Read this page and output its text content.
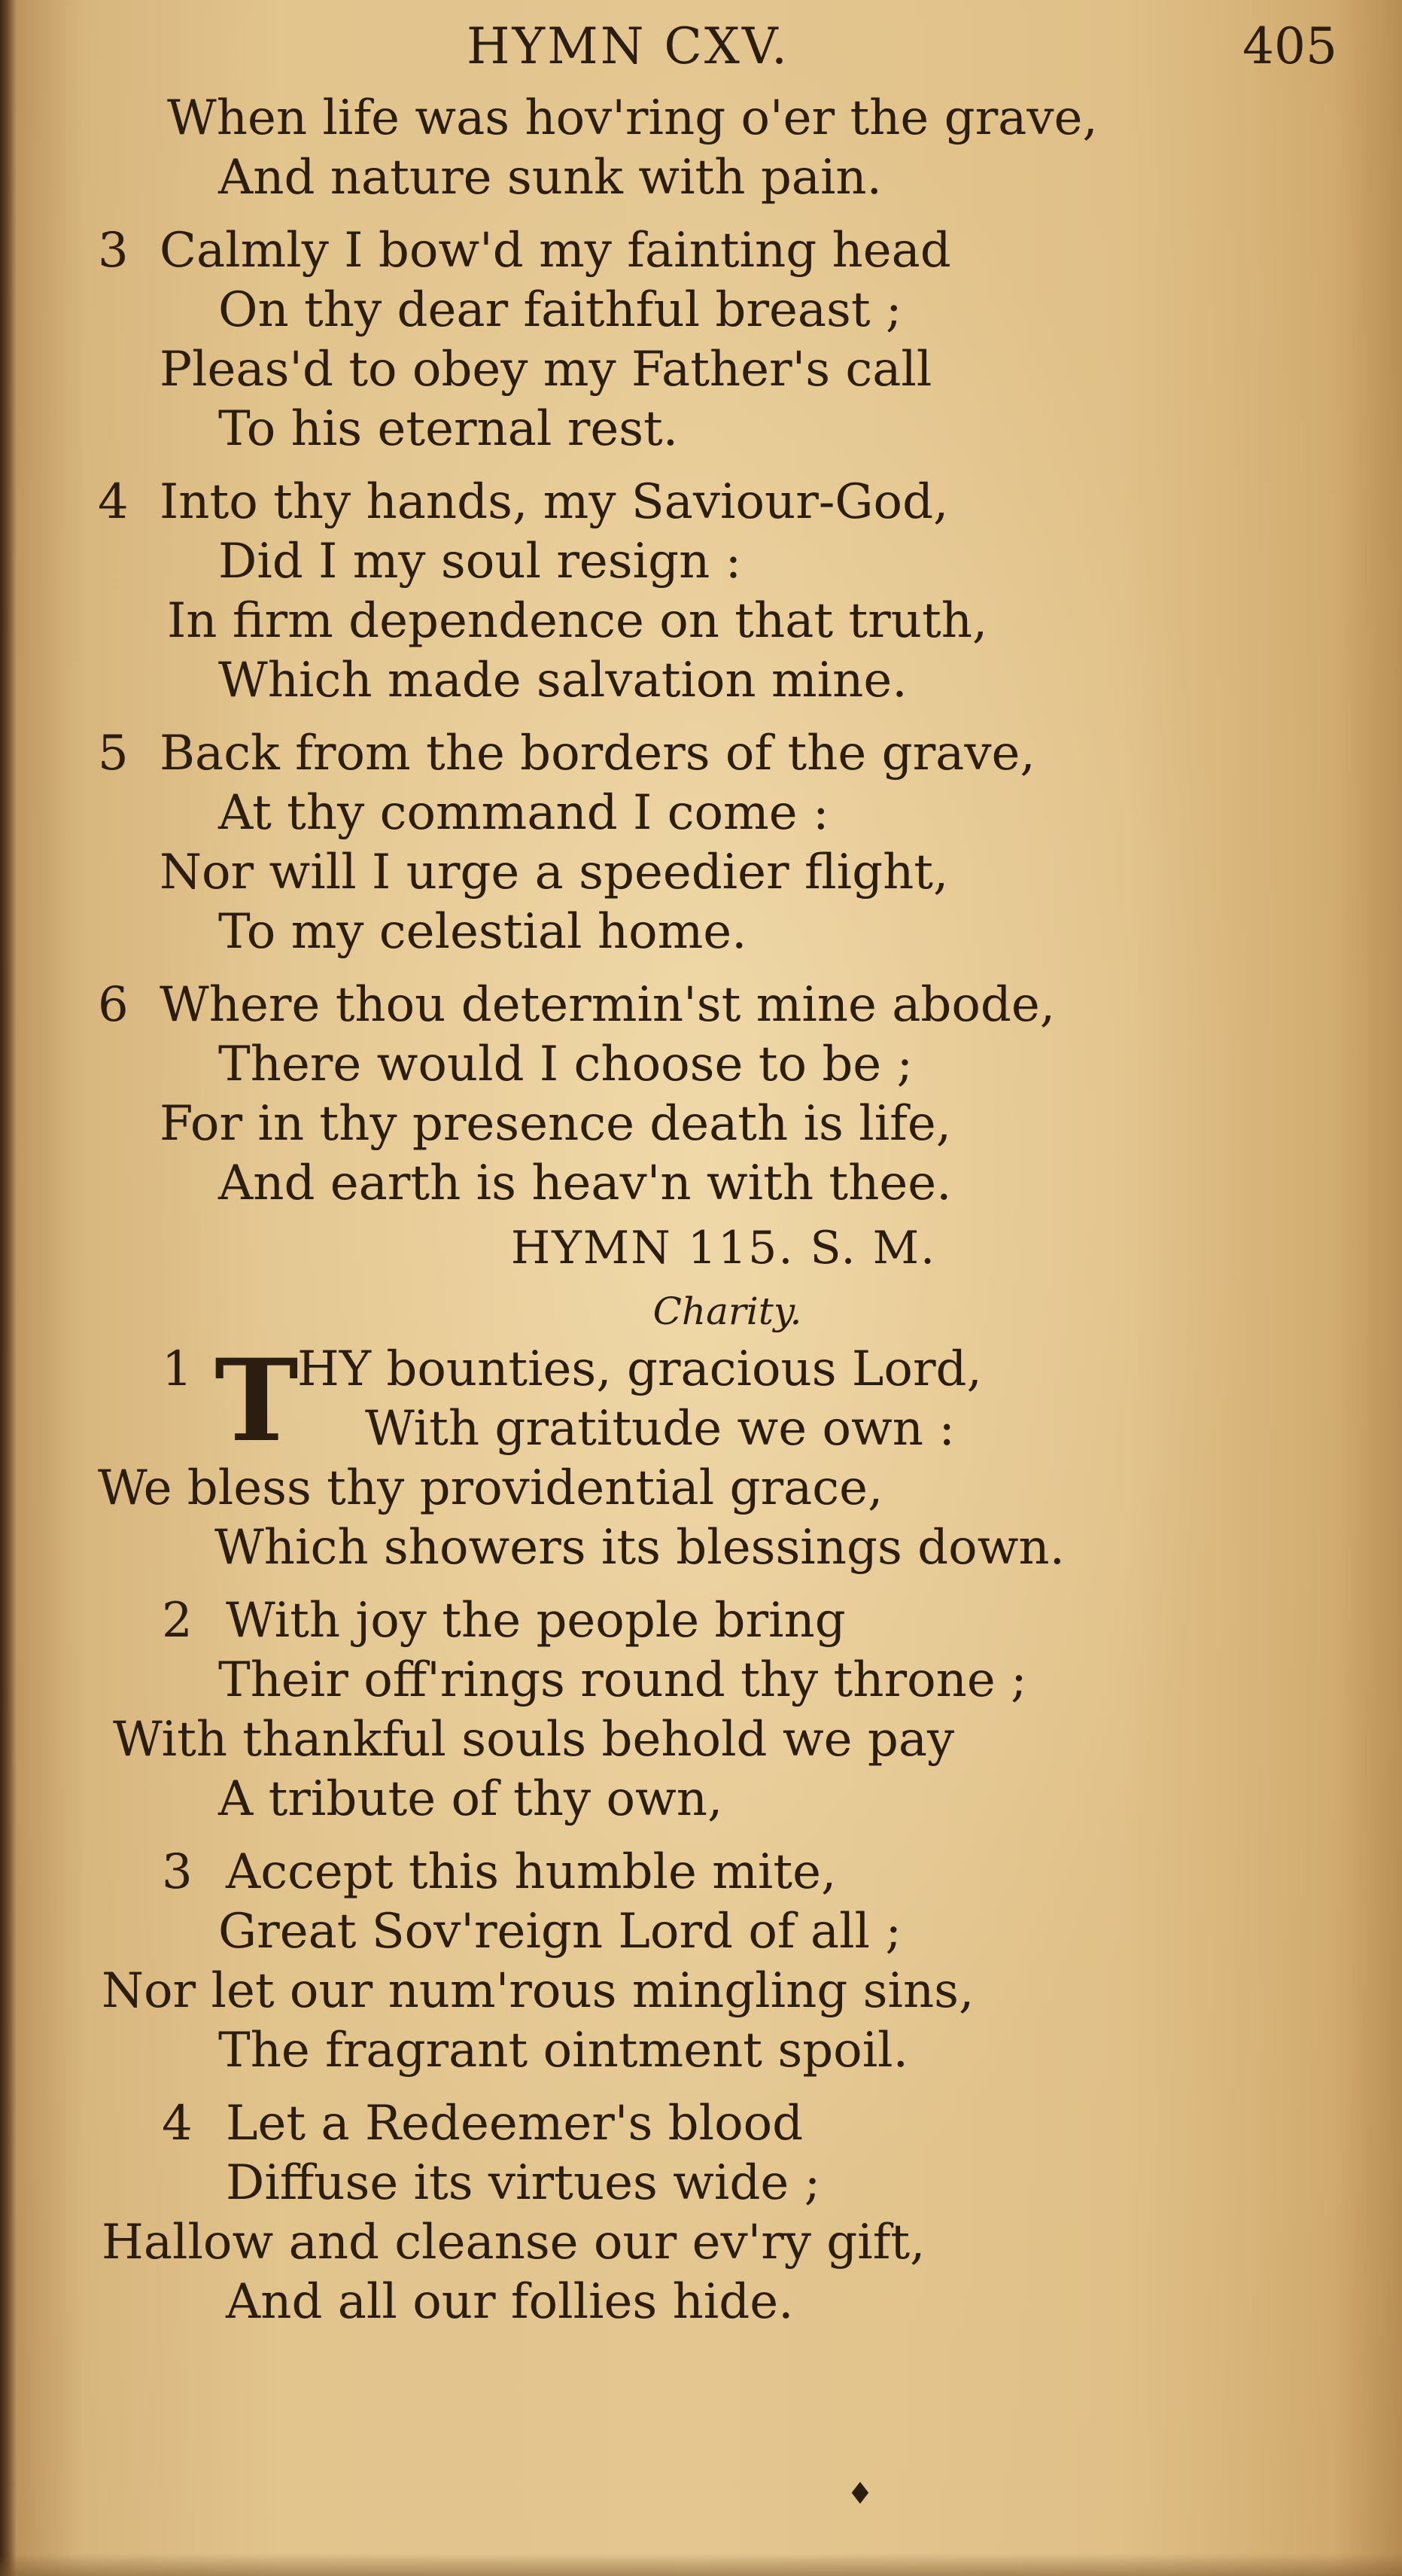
HYMN CXV.	405
When life was hov'ring o'er the grave,
And nature sunk with pain.
3 Calmly I bow'd my fainting head
On thy dear faithful breast ;
Pleas'd to obey my Father's call
To his eternal rest.
4 Into thy hands, my Saviour-God,
Did I my soul resign :
In firm dependence on that truth,
Which made salvation mine.
5 Back from the borders of the grave,
At thy command I come :
Nor will I urge a speedier flight,
To my celestial home.
6 Where thou determin'st mine abode,
There would I choose to be ;
For in thy presence death is life,
And earth is heav'n with thee.
HYMN 115. S. M.
Charity.
T
1 HY bounties, gracious Lord,
With gratitude we own :
We bless thy providential grace,
Which showers its blessings down.
2 With joy the people bring
Their off'rings round thy throne ;
With thankful souls behold we pay
A tribute of thy own,
3 Accept this humble mite,
Great Sov'reign Lord of all ;
Nor let our num'rous mingling sins,
The fragrant ointment spoil.
4 Let a Redeemer's blood
Diffuse its virtues wide ;
Hallow and cleanse our ev'ry gift,
And all our follies hide.
♦
